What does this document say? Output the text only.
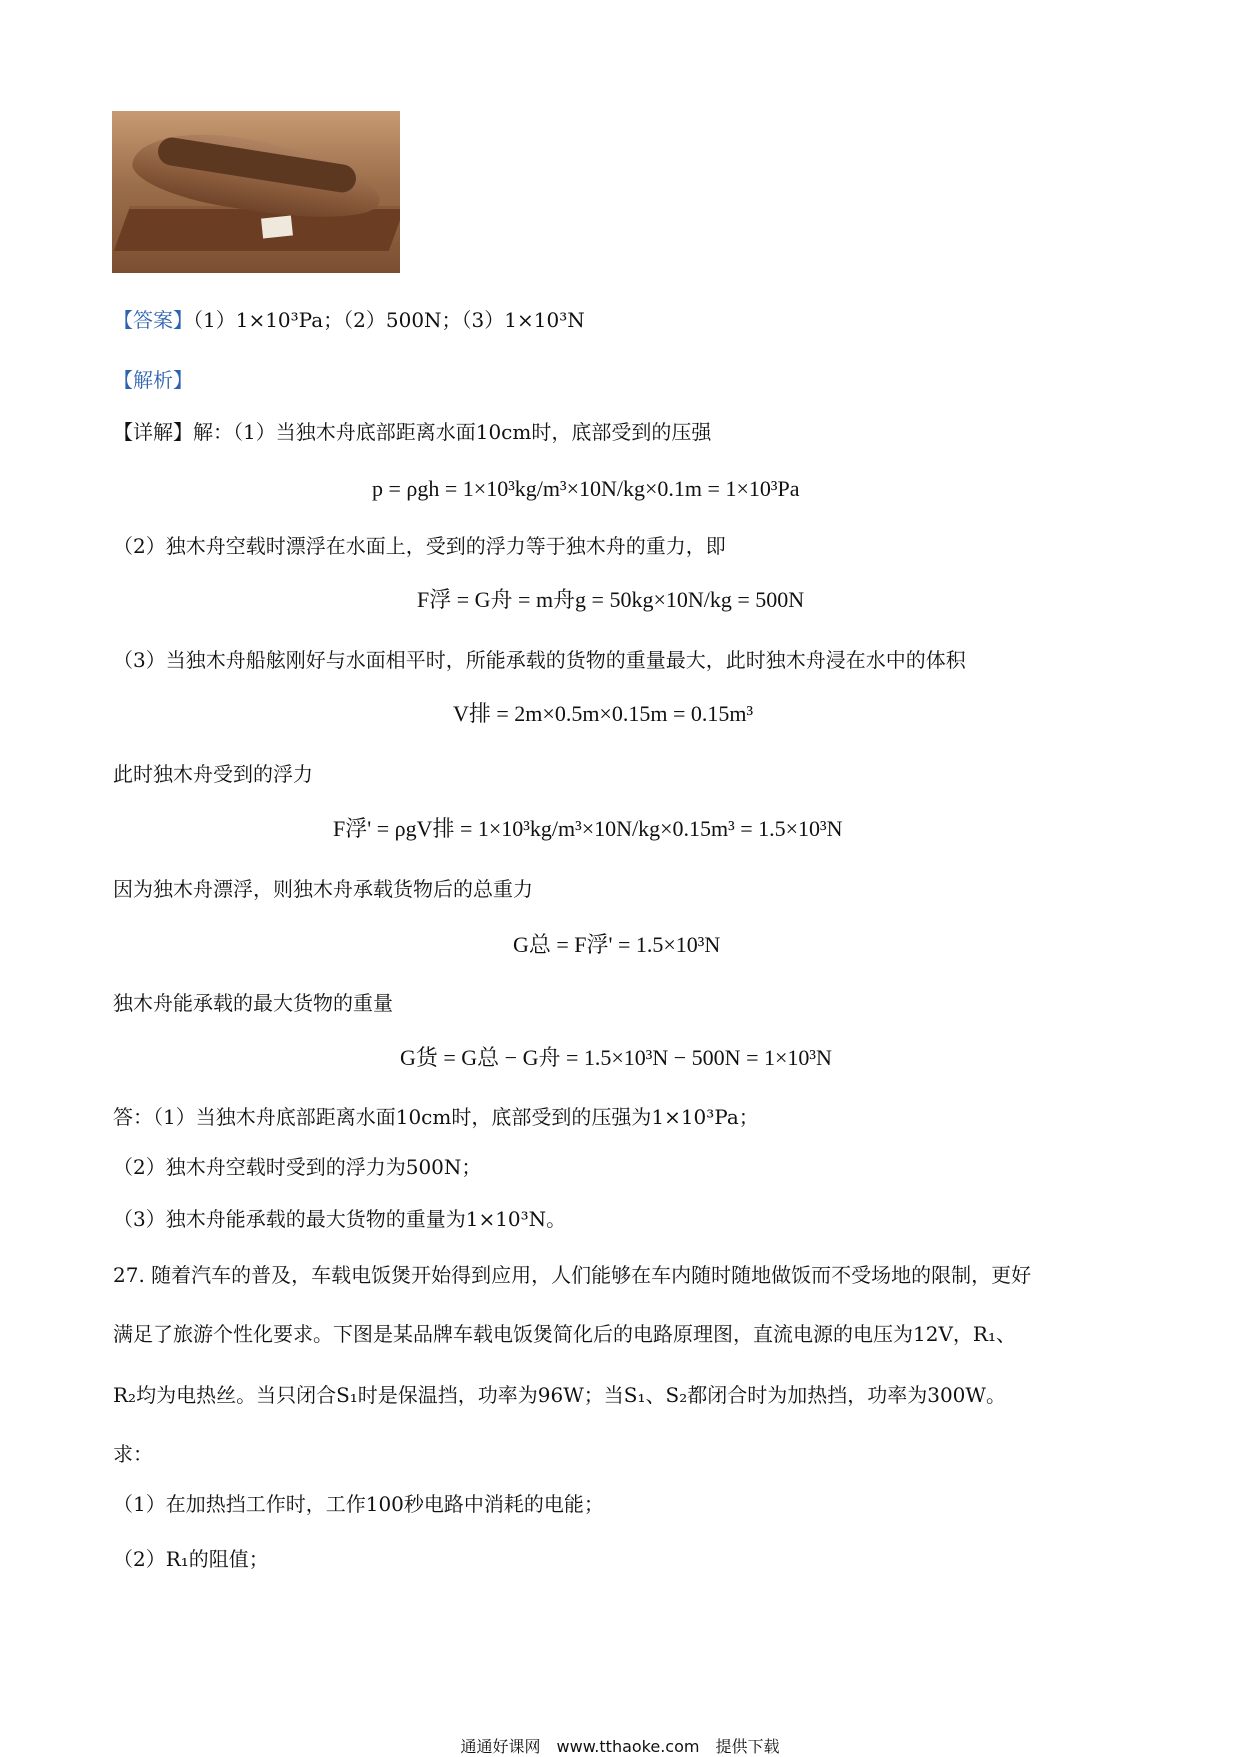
【答案】（1）1×10³Pa；（2）500N；（3）1×10³N
【解析】
【详解】解：（1）当独木舟底部距离水面10cm时，底部受到的压强
p = ρgh = 1×10³kg/m³×10N/kg×0.1m = 1×10³Pa
（2）独木舟空载时漂浮在水面上，受到的浮力等于独木舟的重力，即
F浮 = G舟 = m舟g = 50kg×10N/kg = 500N
（3）当独木舟船舷刚好与水面相平时，所能承载的货物的重量最大，此时独木舟浸在水中的体积
V排 = 2m×0.5m×0.15m = 0.15m³
此时独木舟受到的浮力
F浮' = ρgV排 = 1×10³kg/m³×10N/kg×0.15m³ = 1.5×10³N
因为独木舟漂浮，则独木舟承载货物后的总重力
G总 = F浮' = 1.5×10³N
独木舟能承载的最大货物的重量
G货 = G总 − G舟 = 1.5×10³N − 500N = 1×10³N
答：（1）当独木舟底部距离水面10cm时，底部受到的压强为1×10³Pa；
（2）独木舟空载时受到的浮力为500N；
（3）独木舟能承载的最大货物的重量为1×10³N。
27. 随着汽车的普及，车载电饭煲开始得到应用，人们能够在车内随时随地做饭而不受场地的限制，更好
满足了旅游个性化要求。下图是某品牌车载电饭煲简化后的电路原理图，直流电源的电压为12V，R₁、
R₂均为电热丝。当只闭合S₁时是保温挡，功率为96W；当S₁、S₂都闭合时为加热挡，功率为300W。
求：
（1）在加热挡工作时，工作100秒电路中消耗的电能；
（2）R₁的阻值；
通通好课网　www.tthaoke.com　提供下载
